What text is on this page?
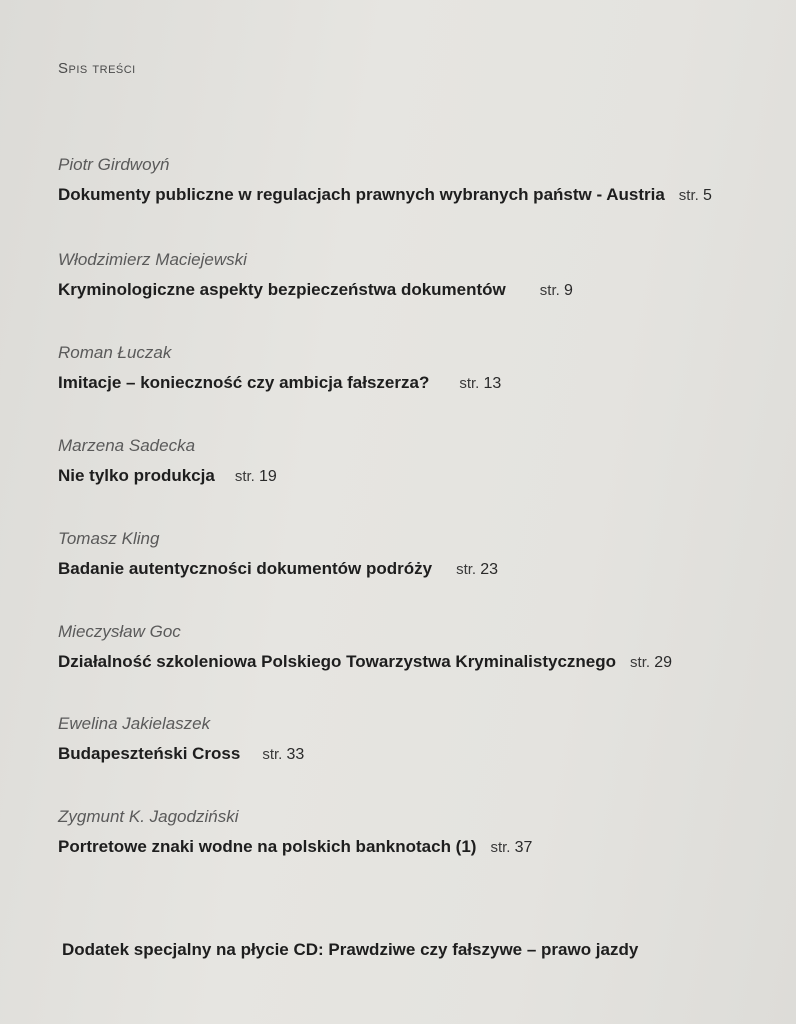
Spis treści
Piotr Girdwoyń
Dokumenty publiczne w regulacjach prawnych wybranych państw - Austria str. 5
Włodzimierz Maciejewski
Kryminologiczne aspekty bezpieczeństwa dokumentów str. 9
Roman Łuczak
Imitacje – konieczność czy ambicja fałszerza? str. 13
Marzena Sadecka
Nie tylko produkcja str. 19
Tomasz Kling
Badanie autentyczności dokumentów podróży str. 23
Mieczysław Goc
Działalność szkoleniowa Polskiego Towarzystwa Kryminalistycznego str. 29
Ewelina Jakielaszek
Budapeszteński Cross str. 33
Zygmunt K. Jagodziński
Portretowe znaki wodne na polskich banknotach (1) str. 37
Dodatek specjalny na płycie CD: Prawdziwe czy fałszywe – prawo jazdy
